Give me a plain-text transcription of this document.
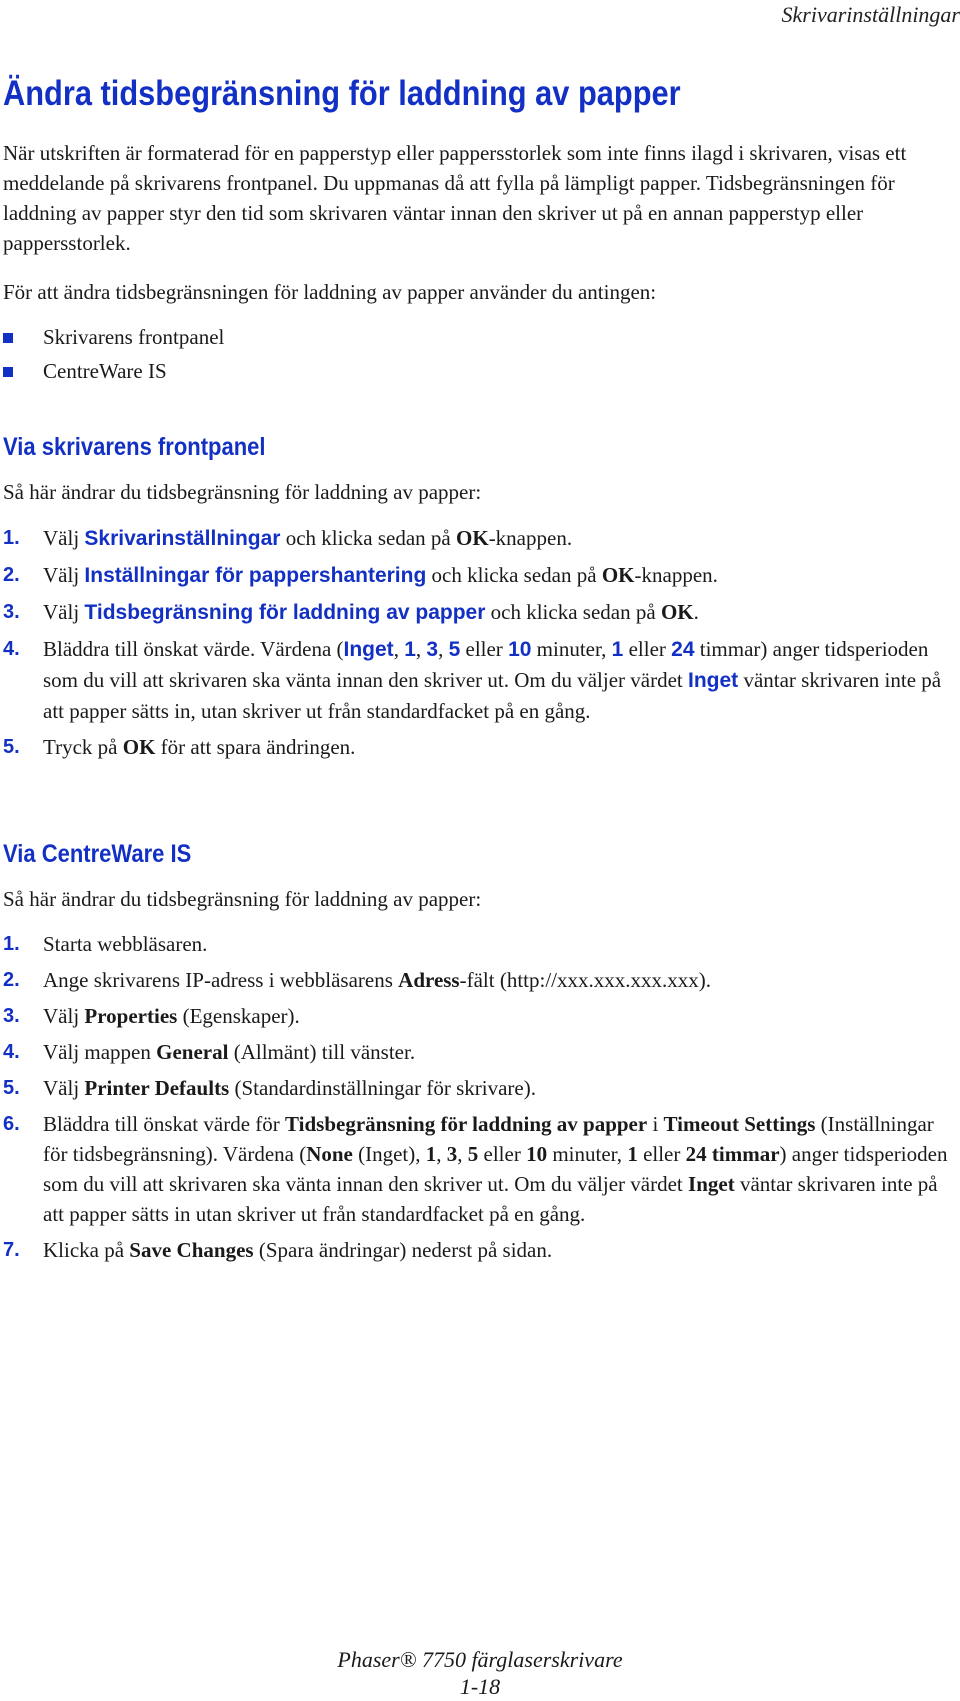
Skrivarinställningar
Ändra tidsbegränsning för laddning av papper

När utskriften är formaterad för en papperstyp eller pappersstorlek som inte finns ilagd i skrivaren, visas ett meddelande på skrivarens frontpanel. Du uppmanas då att fylla på lämpligt papper. Tidsbegränsningen för laddning av papper styr den tid som skrivaren väntar innan den skriver ut på en annan papperstyp eller pappersstorlek.

För att ändra tidsbegränsningen för laddning av papper använder du antingen:

Skrivarens frontpanel
CentreWare IS
Via skrivarens frontpanel

Så här ändrar du tidsbegränsning för laddning av papper:

1. Välj Skrivarinställningar och klicka sedan på OK-knappen.
2. Välj Inställningar för pappershantering och klicka sedan på OK-knappen.
3. Välj Tidsbegränsning för laddning av papper och klicka sedan på OK.
4. Bläddra till önskat värde. Värdena (Inget, 1, 3, 5 eller 10 minuter, 1 eller 24 timmar) anger tidsperioden som du vill att skrivaren ska vänta innan den skriver ut. Om du väljer värdet Inget väntar skrivaren inte på att papper sätts in, utan skriver ut från standardfacket på en gång.
5. Tryck på OK för att spara ändringen.
Via CentreWare IS

Så här ändrar du tidsbegränsning för laddning av papper:

1. Starta webbläsaren.
2. Ange skrivarens IP-adress i webbläsarens Adress-fält (http://xxx.xxx.xxx.xxx).
3. Välj Properties (Egenskaper).
4. Välj mappen General (Allmänt) till vänster.
5. Välj Printer Defaults (Standardinställningar för skrivare).
6. Bläddra till önskat värde för Tidsbegränsning för laddning av papper i Timeout Settings (Inställningar för tidsbegränsning). Värdena (None (Inget), 1, 3, 5 eller 10 minuter, 1 eller 24 timmar) anger tidsperioden som du vill att skrivaren ska vänta innan den skriver ut. Om du väljer värdet Inget väntar skrivaren inte på att papper sätts in utan skriver ut från standardfacket på en gång.
7. Klicka på Save Changes (Spara ändringar) nederst på sidan.
Phaser® 7750 färglaserskrivare
1-18
